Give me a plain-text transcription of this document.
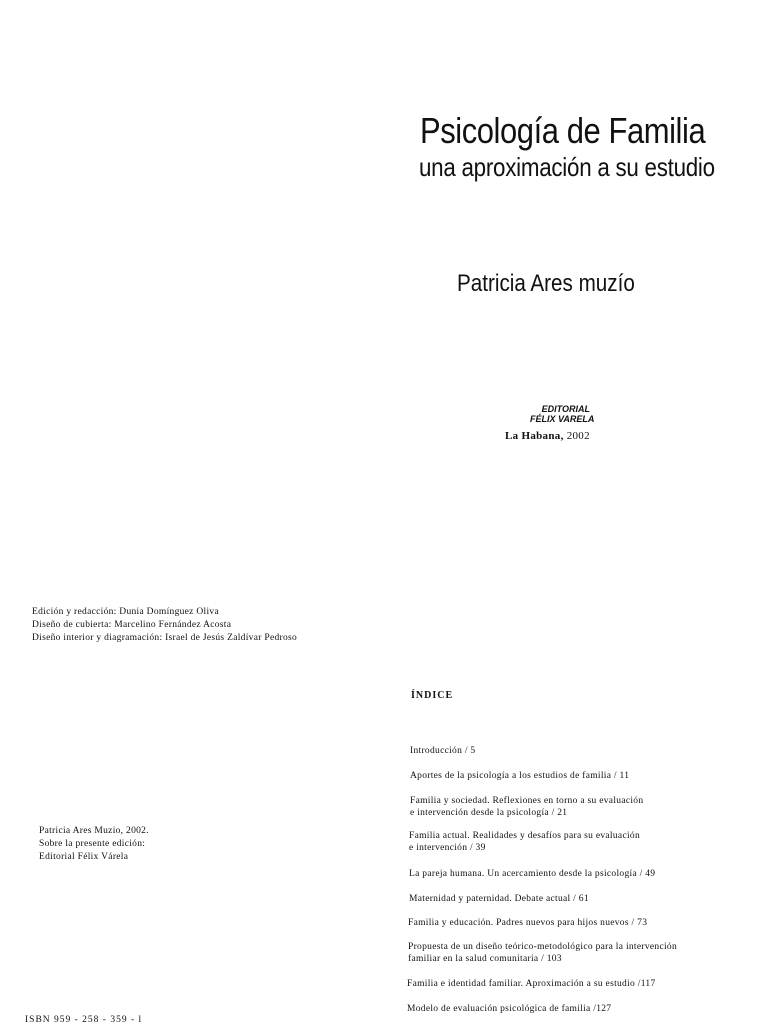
Psicología de Familia
una aproximación a su estudio
Patricia Ares muzío
EDITORIAL
FÉLIX VARELA
La Habana, 2002
Edición y redacción: Dunia Domínguez Oliva
Diseño de cubierta: Marcelino Fernández Acosta
Diseño interior y diagramación: Israel de Jesús Zaldívar Pedroso
Patricia Ares Muzio, 2002.
Sobre la presente edición:
Editorial Félix Várela
ISBN 959 - 258 - 359 - l
ÍNDICE
Introducción / 5
Aportes de la psicología a los estudios de familia / 11
Familia y sociedad. Reflexiones en torno a su evaluación
e intervención desde la psicología / 21
Familia actual. Realidades y desafíos para su evaluación
e intervención / 39
La pareja humana. Un acercamiento desde la psicología / 49
Maternidad y paternidad. Debate actual / 61
Familia y educación. Padres nuevos para hijos nuevos / 73
Propuesta de un diseño teórico-metodológico para la intervención
familiar en la salud comunitaria / 103
Familia e identidad familiar. Aproximación a su estudio /117
Modelo de evaluación psicológica de familia /127
